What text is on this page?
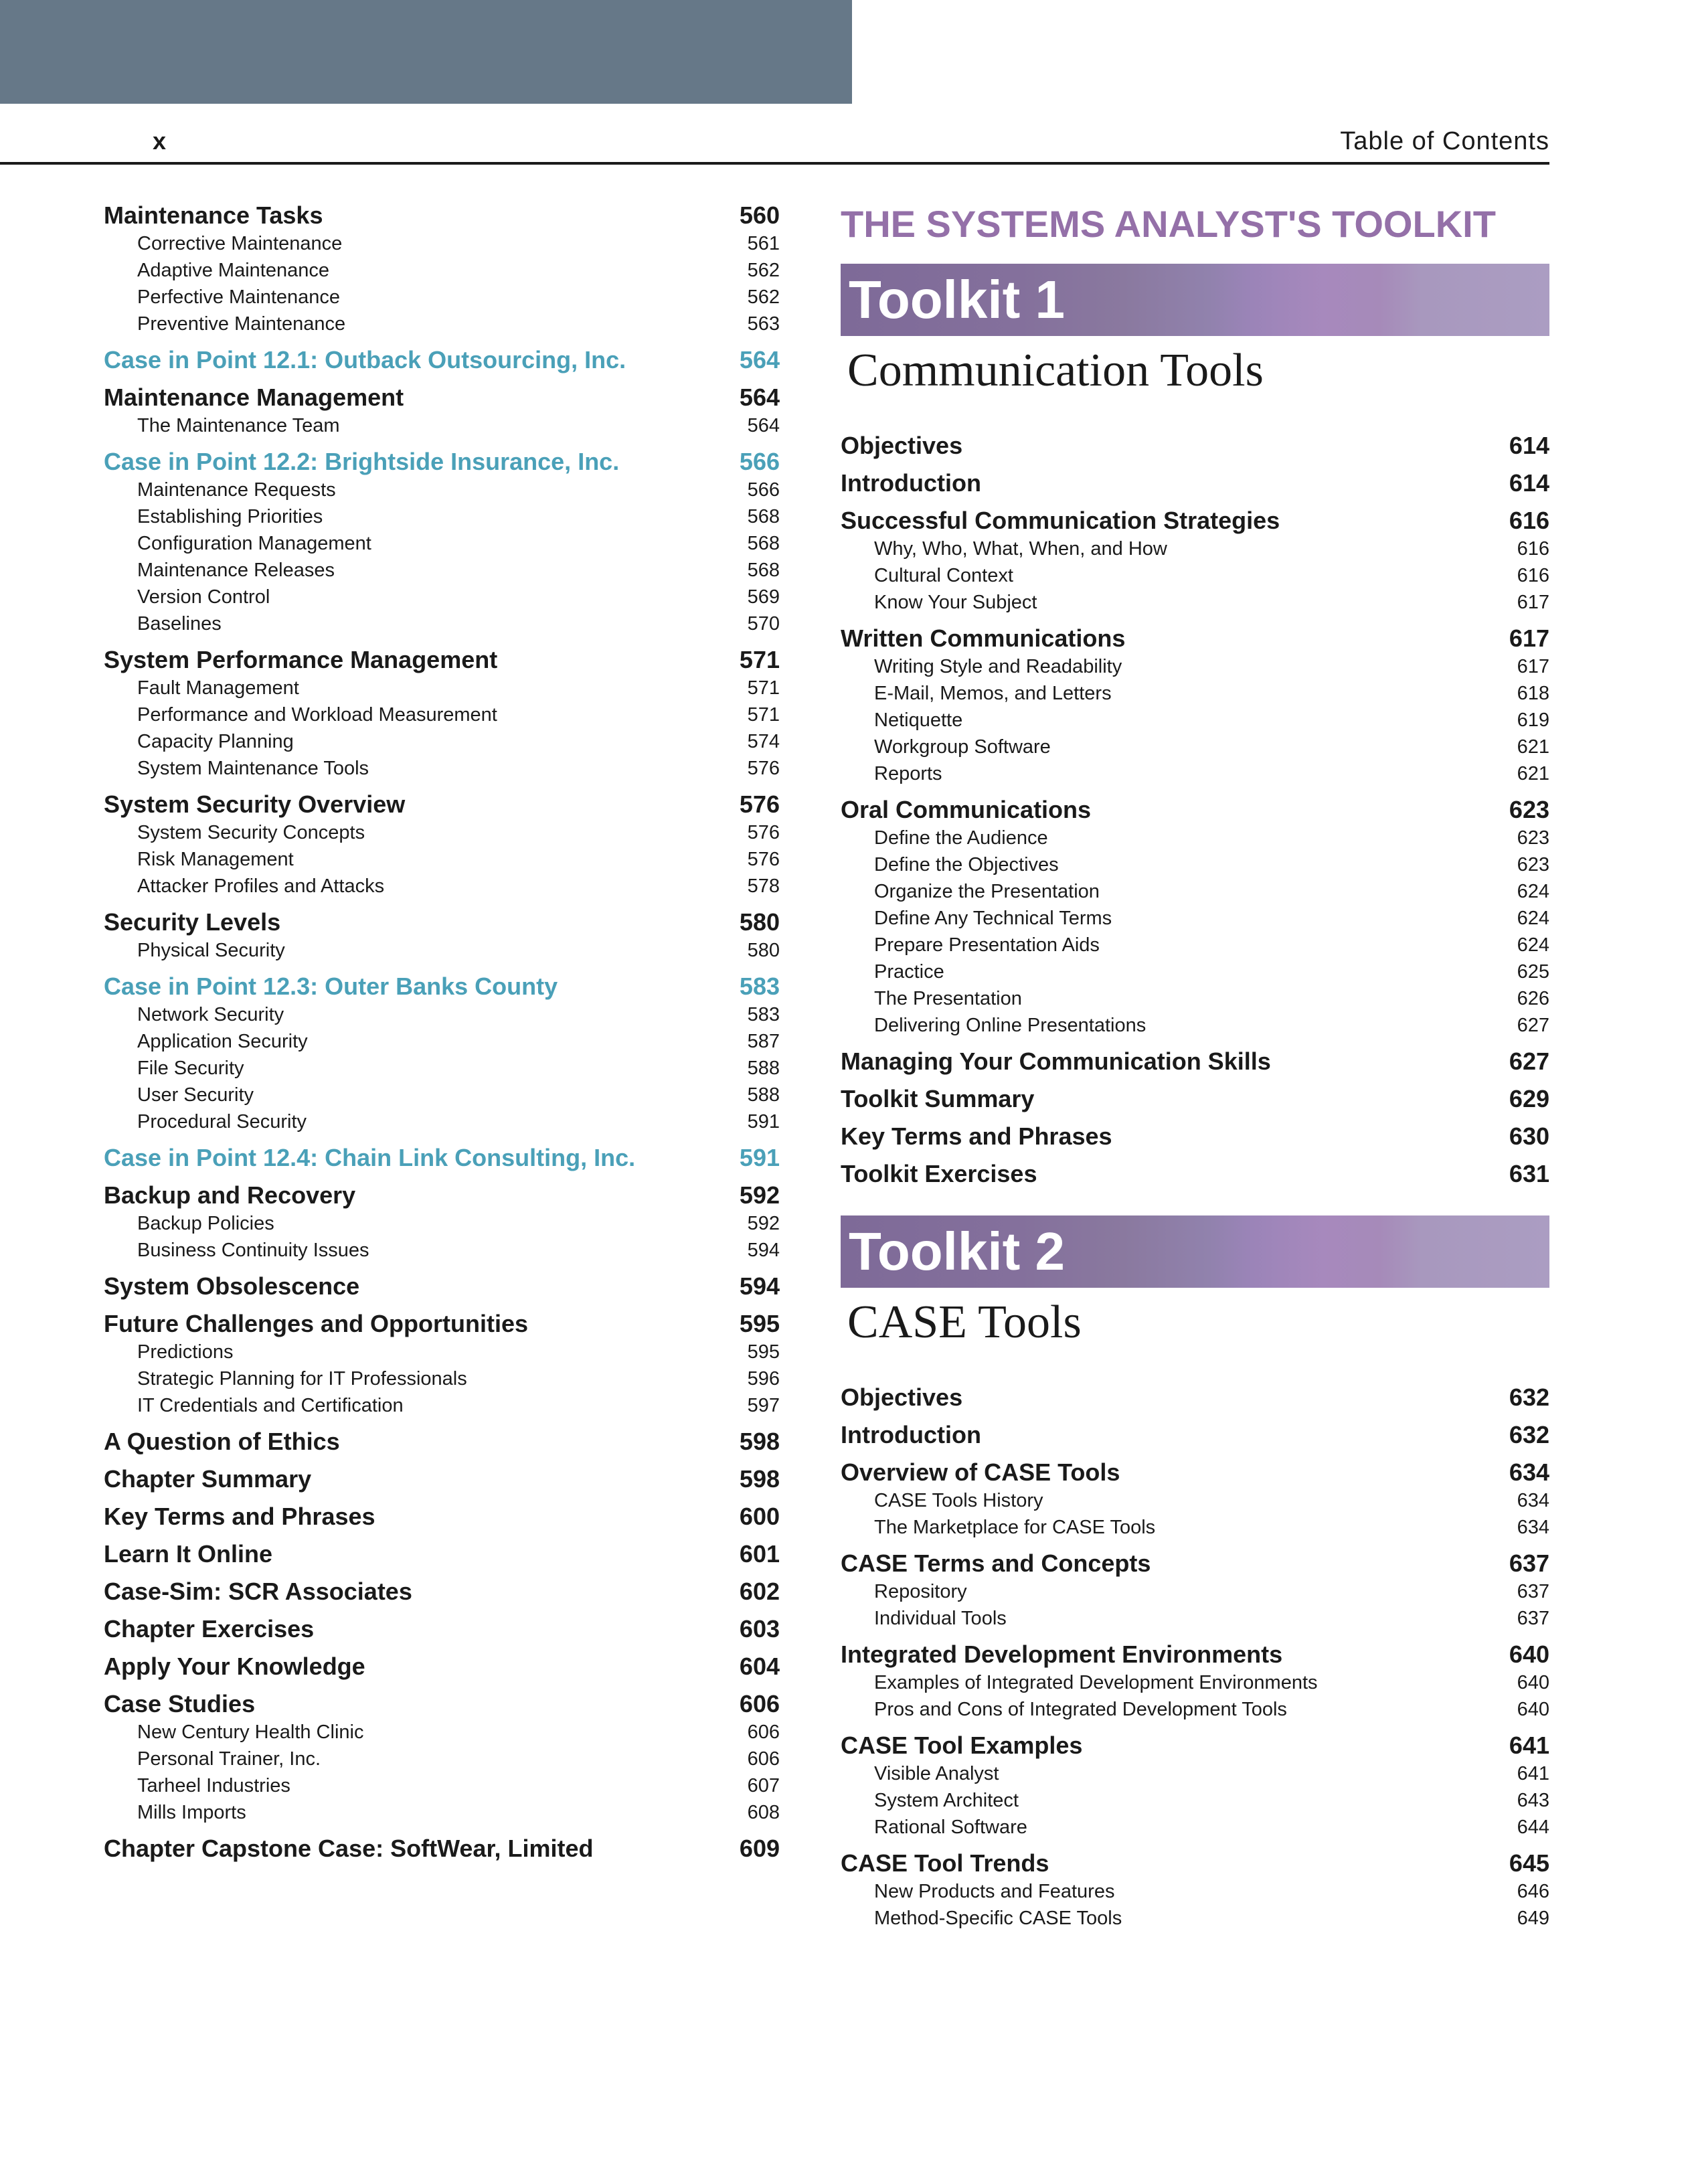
x	Table of Contents
Maintenance Tasks	560
Corrective Maintenance	561
Adaptive Maintenance	562
Perfective Maintenance	562
Preventive Maintenance	563
Case in Point 12.1: Outback Outsourcing, Inc.	564
Maintenance Management	564
The Maintenance Team	564
Case in Point 12.2: Brightside Insurance, Inc.	566
Maintenance Requests	566
Establishing Priorities	568
Configuration Management	568
Maintenance Releases	568
Version Control	569
Baselines	570
System Performance Management	571
Fault Management	571
Performance and Workload Measurement	571
Capacity Planning	574
System Maintenance Tools	576
System Security Overview	576
System Security Concepts	576
Risk Management	576
Attacker Profiles and Attacks	578
Security Levels	580
Physical Security	580
Case in Point 12.3: Outer Banks County	583
Network Security	583
Application Security	587
File Security	588
User Security	588
Procedural Security	591
Case in Point 12.4: Chain Link Consulting, Inc.	591
Backup and Recovery	592
Backup Policies	592
Business Continuity Issues	594
System Obsolescence	594
Future Challenges and Opportunities	595
Predictions	595
Strategic Planning for IT Professionals	596
IT Credentials and Certification	597
A Question of Ethics	598
Chapter Summary	598
Key Terms and Phrases	600
Learn It Online	601
Case-Sim: SCR Associates	602
Chapter Exercises	603
Apply Your Knowledge	604
Case Studies	606
New Century Health Clinic	606
Personal Trainer, Inc.	606
Tarheel Industries	607
Mills Imports	608
Chapter Capstone Case: SoftWear, Limited	609
THE SYSTEMS ANALYST'S TOOLKIT
Toolkit 1
Communication Tools
Objectives	614
Introduction	614
Successful Communication Strategies	616
Why, Who, What, When, and How	616
Cultural Context	616
Know Your Subject	617
Written Communications	617
Writing Style and Readability	617
E-Mail, Memos, and Letters	618
Netiquette	619
Workgroup Software	621
Reports	621
Oral Communications	623
Define the Audience	623
Define the Objectives	623
Organize the Presentation	624
Define Any Technical Terms	624
Prepare Presentation Aids	624
Practice	625
The Presentation	626
Delivering Online Presentations	627
Managing Your Communication Skills	627
Toolkit Summary	629
Key Terms and Phrases	630
Toolkit Exercises	631
Toolkit 2
CASE Tools
Objectives	632
Introduction	632
Overview of CASE Tools	634
CASE Tools History	634
The Marketplace for CASE Tools	634
CASE Terms and Concepts	637
Repository	637
Individual Tools	637
Integrated Development Environments	640
Examples of Integrated Development Environments	640
Pros and Cons of Integrated Development Tools	640
CASE Tool Examples	641
Visible Analyst	641
System Architect	643
Rational Software	644
CASE Tool Trends	645
New Products and Features	646
Method-Specific CASE Tools	649
